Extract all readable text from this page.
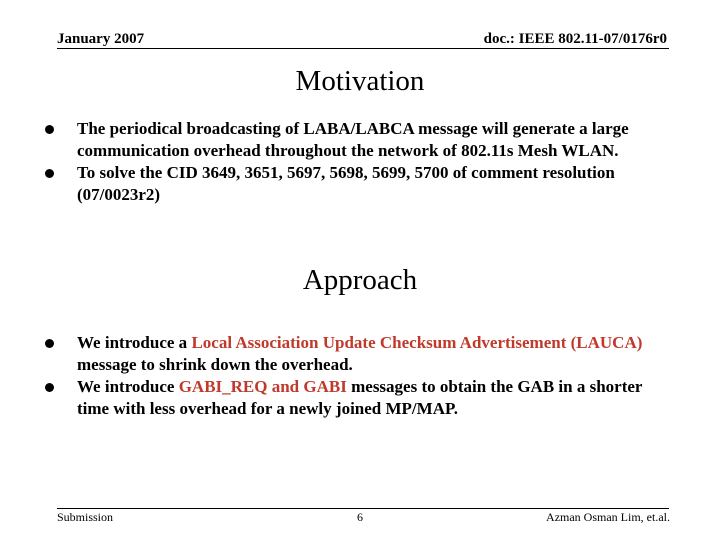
January 2007	doc.: IEEE 802.11-07/0176r0
Motivation
The periodical broadcasting of LABA/LABCA message will generate a large communication overhead throughout the network of 802.11s Mesh WLAN.
To solve the CID 3649, 3651, 5697, 5698, 5699, 5700 of comment resolution (07/0023r2)
Approach
We introduce a Local Association Update Checksum Advertisement (LAUCA) message to shrink down the overhead.
We introduce GABI_REQ and GABI messages to obtain the GAB in a shorter time with less overhead for a newly joined MP/MAP.
Submission	6	Azman Osman Lim, et.al.
